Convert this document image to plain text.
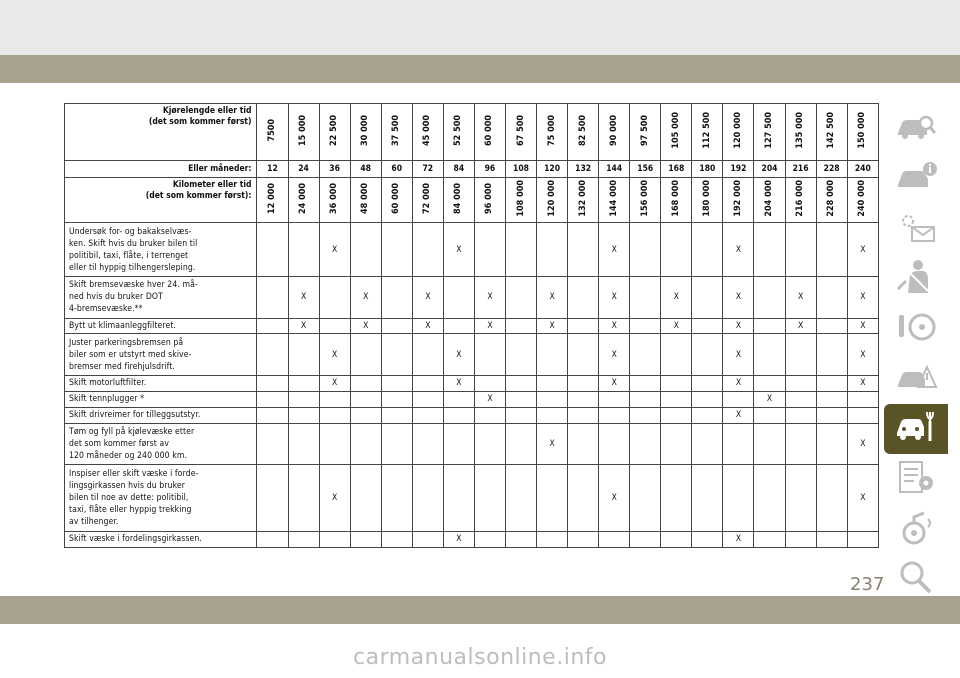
Kjørelengde eller tid
(det som kommer først)	7500	15 000	22 500	30 000	37 500	45 000	52 500	60 000	67 500	75 000	82 500	90 000	97 500	105 000	112 500	120 000	127 500	135 000	142 500	150 000
Eller måneder:	12	24	36	48	60	72	84	96	108	120	132	144	156	168	180	192	204	216	228	240

Kilometer eller tid
(det som kommer først):	12 000	24 000	36 000	48 000	60 000	72 000	84 000	96 000	108 000	120 000	132 000	144 000	156 000	168 000	180 000	192 000	204 000	216 000	228 000	240 000
Undersøk for- og bakakselvæs-
ken. Skift hvis du bruker bilen til
politibil, taxi, flåte, i terrenget
eller til hyppig tilhengersleping.			X				X					X				X				X
Skift bremsevæske hver 24. må-
ned hvis du bruker DOT
4-bremsevæske.**		X		X		X		X		X		X		X		X		X		X
Bytt ut klimaanleggfilteret.		X		X		X		X		X		X		X		X		X		X
Juster parkeringsbremsen på
biler som er utstyrt med skive-
bremser med firehjulsdrift.			X				X					X				X				X
Skift motorluftfilter.			X				X					X				X				X
Skift tennplugger *								X									X			
Skift drivreimer for tilleggsutstyr.																X				
Tøm og fyll på kjølevæske etter
det som kommer først av
120 måneder og 240 000 km.										X										X
Inspiser eller skift væske i forde-
lingsgirkassen hvis du bruker
bilen til noe av dette: politibil,
taxi, flåte eller hyppig trekking
av tilhenger.			X									X								X
Skift væske i fordelingsgirkassen.							X									X				
237
carmanualsonline.info
